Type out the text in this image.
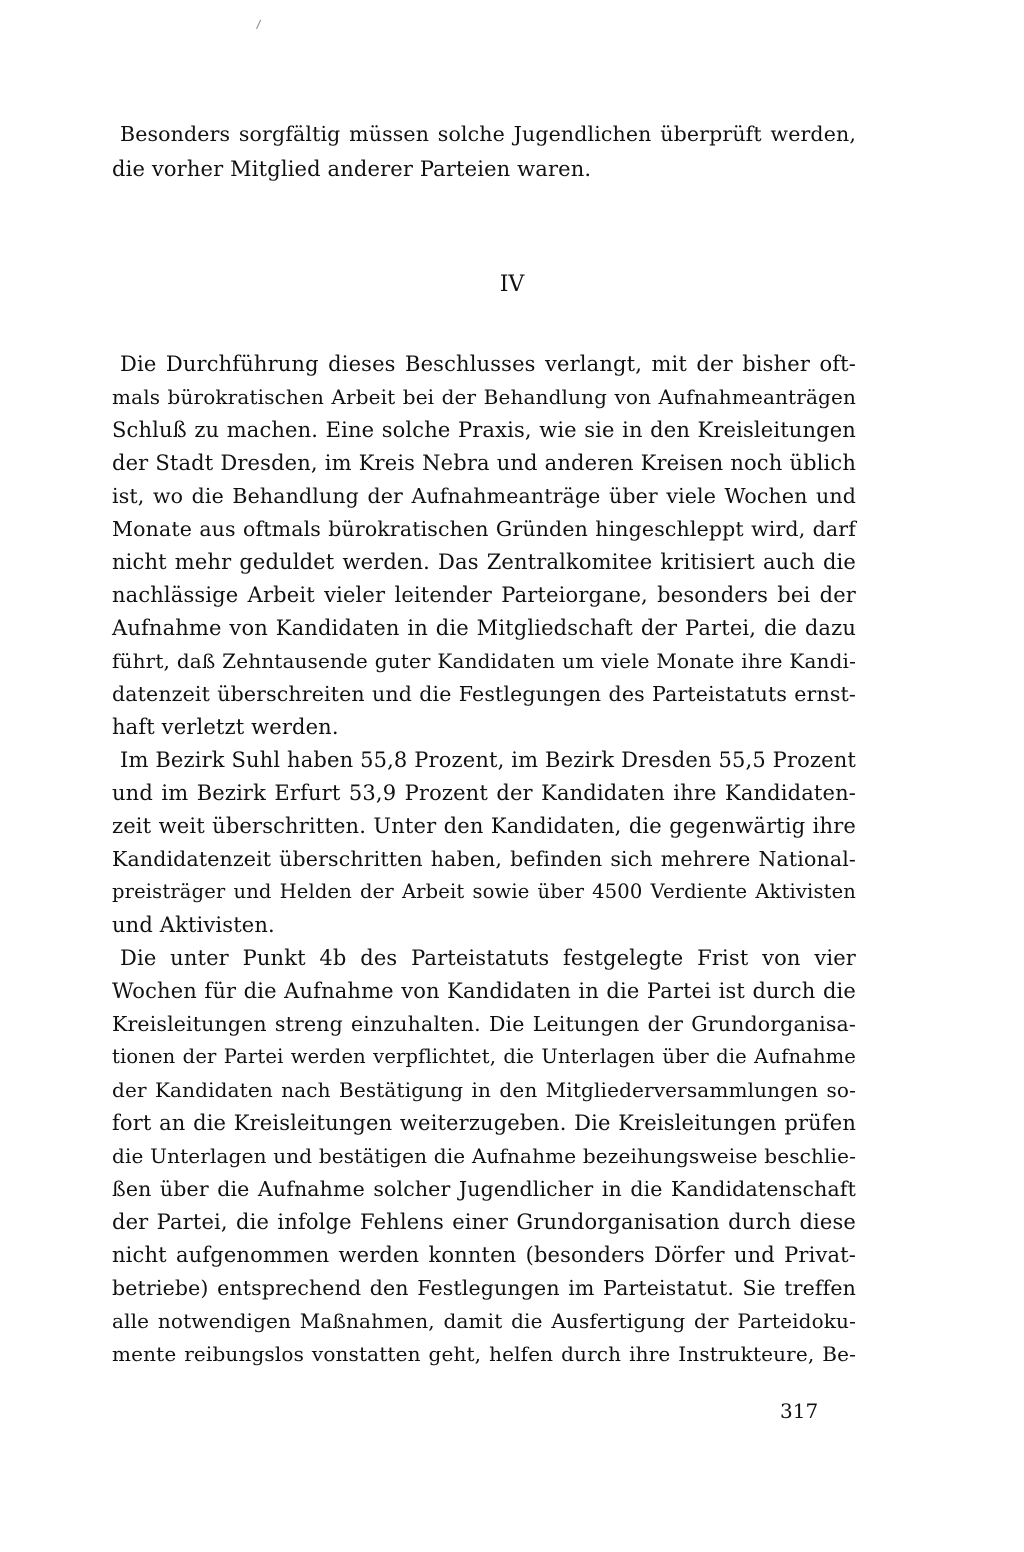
Besonders sorgfältig müssen solche Jugendlichen überprüft werden,
die vorher Mitglied anderer Parteien waren.
Die Durchführung dieses Beschlusses verlangt, mit der bisher oft-
mals bürokratischen Arbeit bei der Behandlung von Aufnahmeanträgen
Schluß zu machen. Eine solche Praxis, wie sie in den Kreisleitungen
der Stadt Dresden, im Kreis Nebra und anderen Kreisen noch üblich
ist, wo die Behandlung der Aufnahmeanträge über viele Wochen und
Monate aus oftmals bürokratischen Gründen hingeschleppt wird, darf
nicht mehr geduldet werden. Das Zentralkomitee kritisiert auch die
nachlässige Arbeit vieler leitender Parteiorgane, besonders bei der
Aufnahme von Kandidaten in die Mitgliedschaft der Partei, die dazu
führt, daß Zehntausende guter Kandidaten um viele Monate ihre Kandi-
datenzeit überschreiten und die Festlegungen des Parteistatuts ernst-
haft verletzt werden.
Im Bezirk Suhl haben 55,8 Prozent, im Bezirk Dresden 55,5 Prozent
und im Bezirk Erfurt 53,9 Prozent der Kandidaten ihre Kandidaten-
zeit weit überschritten. Unter den Kandidaten, die gegenwärtig ihre
Kandidatenzeit überschritten haben, befinden sich mehrere National-
preisträger und Helden der Arbeit sowie über 4500 Verdiente Aktivisten
und Aktivisten.
Die unter Punkt 4b des Parteistatuts festgelegte Frist von vier
Wochen für die Aufnahme von Kandidaten in die Partei ist durch die
Kreisleitungen streng einzuhalten. Die Leitungen der Grundorganisa-
tionen der Partei werden verpflichtet, die Unterlagen über die Aufnahme
der Kandidaten nach Bestätigung in den Mitgliederversammlungen so-
fort an die Kreisleitungen weiterzugeben. Die Kreisleitungen prüfen
die Unterlagen und bestätigen die Aufnahme bezeihungsweise beschlie-
ßen über die Aufnahme solcher Jugendlicher in die Kandidatenschaft
der Partei, die infolge Fehlens einer Grundorganisation durch diese
nicht aufgenommen werden konnten (besonders Dörfer und Privat-
betriebe) entsprechend den Festlegungen im Parteistatut. Sie treffen
alle notwendigen Maßnahmen, damit die Ausfertigung der Parteidoku-
mente reibungslos vonstatten geht, helfen durch ihre Instrukteure, Be-
IV
317
